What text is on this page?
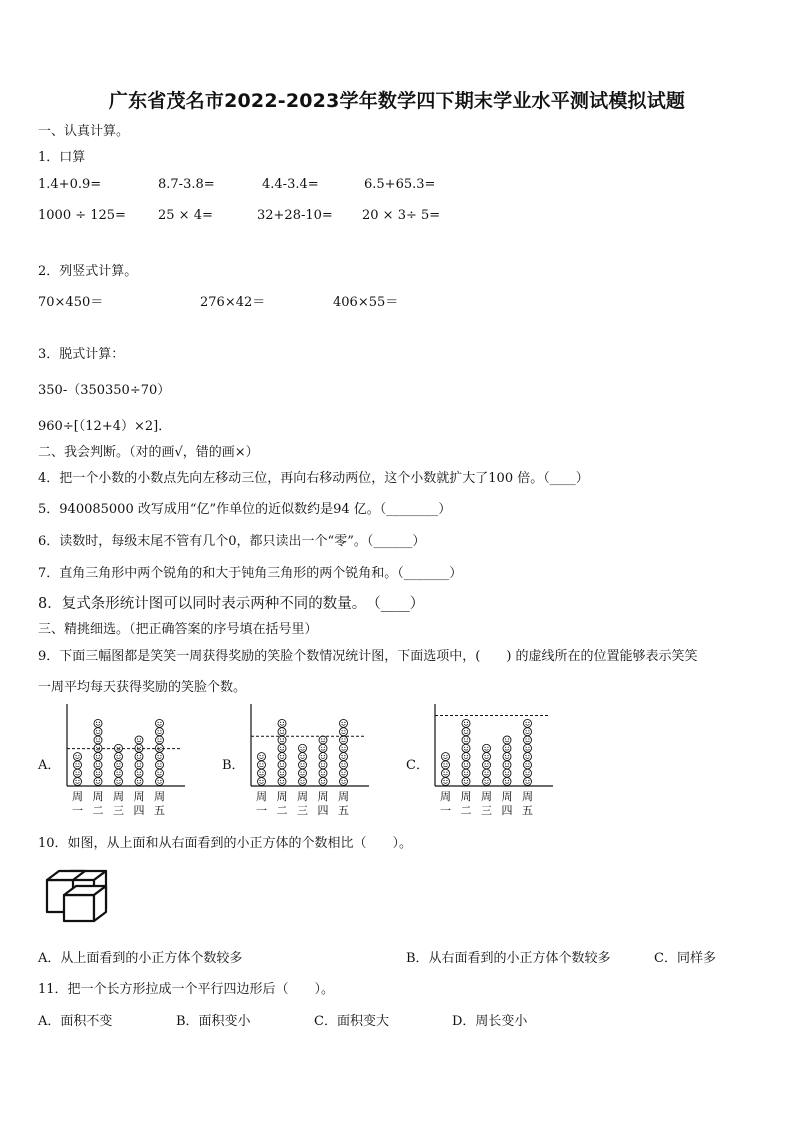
广东省茂名市2022-2023学年数学四下期末学业水平测试模拟试题
一、认真计算。
1．口算
1.4+0.9=	8.7-3.8=	4.4-3.4=	6.5+65.3=
1000 ÷ 125= 25 × 4=	32+28-10= 20 × 3÷ 5=
2．列竖式计算。
70×450＝	276×42＝	406×55＝
3．脱式计算：
350-（350350÷70）
960÷[（12+4）×2]．
二、我会判断。（对的画√，错的画×）
4．把一个小数的小数点先向左移动三位，再向右移动两位，这个小数就扩大了100 倍。（____）
5．940085000 改写成用“亿”作单位的近似数约是94 亿。（________）
6．读数时，每级末尾不管有几个0，都只读出一个“零”。（______）
7．直角三角形中两个锐角的和大于钝角三角形的两个锐角和。（_______）
8．复式条形统计图可以同时表示两种不同的数量。　（____）
三、精挑细选。（把正确答案的序号填在括号里）
9．下面三幅图都是笑笑一周获得奖励的笑脸个数情况统计图，下面选项中，(　　) 的虚线所在的位置能够表示笑笑
一周平均每天获得奖励的笑脸个数。
A．	B．	C．
周
一
周
二
周
三
周
四
周
五
周
一
周
二
周
三
周
四
周
五
周
一
周
二
周
三
周
四
周
五
10．如图，从上面和从右面看到的小正方体的个数相比（　　）。
A．从上面看到的小正方体个数较多	B．从右面看到的小正方体个数较多	C．同样多
11．把一个长方形拉成一个平行四边形后（　　）。
A．面积不变	B．面积变小	C．面积变大	D．周长变小
